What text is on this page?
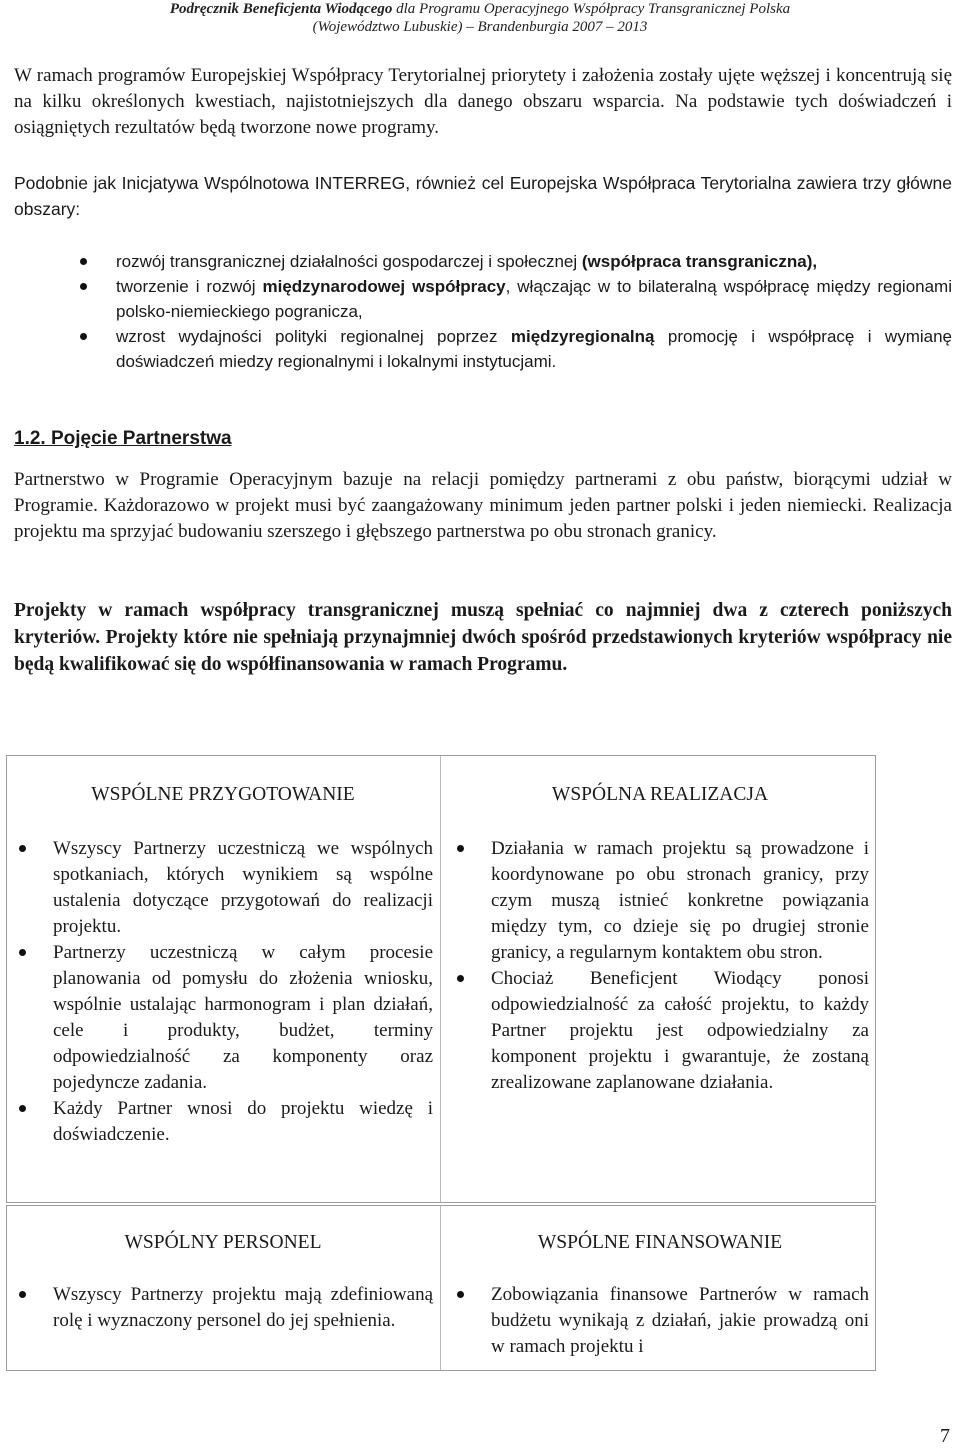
Podręcznik Beneficjenta Wiodącego dla Programu Operacyjnego Współpracy Transgranicznej Polska
(Województwo Lubuskie) – Brandenburgia 2007 – 2013

W ramach programów Europejskiej Współpracy Terytorialnej priorytety i założenia zostały ujęte węższej i koncentrują się na kilku określonych kwestiach, najistotniejszych dla danego obszaru wsparcia. Na podstawie tych doświadczeń i osiągniętych rezultatów będą tworzone nowe programy.

Podobnie jak Inicjatywa Wspólnotowa INTERREG, również cel Europejska Współpraca Terytorialna zawiera trzy główne obszary:

rozwój transgranicznej działalności gospodarczej i społecznej (współpraca transgraniczna),
tworzenie i rozwój międzynarodowej współpracy, włączając w to bilateralną współpracę między regionami polsko-niemieckiego pogranicza,
wzrost wydajności polityki regionalnej poprzez międzyregionalną promocję i współpracę i wymianę doświadczeń miedzy regionalnymi i lokalnymi instytucjami.
1.2. Pojęcie Partnerstwa

Partnerstwo w Programie Operacyjnym bazuje na relacji pomiędzy partnerami z obu państw, biorącymi udział w Programie. Każdorazowo w projekt musi być zaangażowany minimum jeden partner polski i jeden niemiecki. Realizacja projektu ma sprzyjać budowaniu szerszego i głębszego partnerstwa po obu stronach granicy.

Projekty w ramach współpracy transgranicznej muszą spełniać co najmniej dwa z czterech poniższych kryteriów. Projekty które nie spełniają przynajmniej dwóch spośród przedstawionych kryteriów współpracy nie będą kwalifikować się do współfinansowania w ramach Programu.

WSPÓLNE PRZYGOTOWANIE

Wszyscy Partnerzy uczestniczą we wspólnych spotkaniach, których wynikiem są wspólne ustalenia dotyczące przygotowań do realizacji projektu.
Partnerzy uczestniczą w całym procesie planowania od pomysłu do złożenia wniosku, wspólnie ustalając harmonogram i plan działań, cele i produkty, budżet, terminy odpowiedzialność za komponenty oraz pojedyncze zadania.
Każdy Partner wnosi do projektu wiedzę i doświadczenie.

WSPÓLNA REALIZACJA

Działania w ramach projektu są prowadzone i koordynowane po obu stronach granicy, przy czym muszą istnieć konkretne powiązania między tym, co dzieje się po drugiej stronie granicy, a regularnym kontaktem obu stron.
Chociaż Beneficjent Wiodący ponosi odpowiedzialność za całość projektu, to każdy Partner projektu jest odpowiedzialny za komponent projektu i gwarantuje, że zostaną zrealizowane zaplanowane działania.

WSPÓLNY PERSONEL

Wszyscy Partnerzy projektu mają zdefiniowaną rolę i wyznaczony personel do jej spełnienia.

WSPÓLNE FINANSOWANIE

Zobowiązania finansowe Partnerów w ramach budżetu wynikają z działań, jakie prowadzą oni w ramach projektu i
7
